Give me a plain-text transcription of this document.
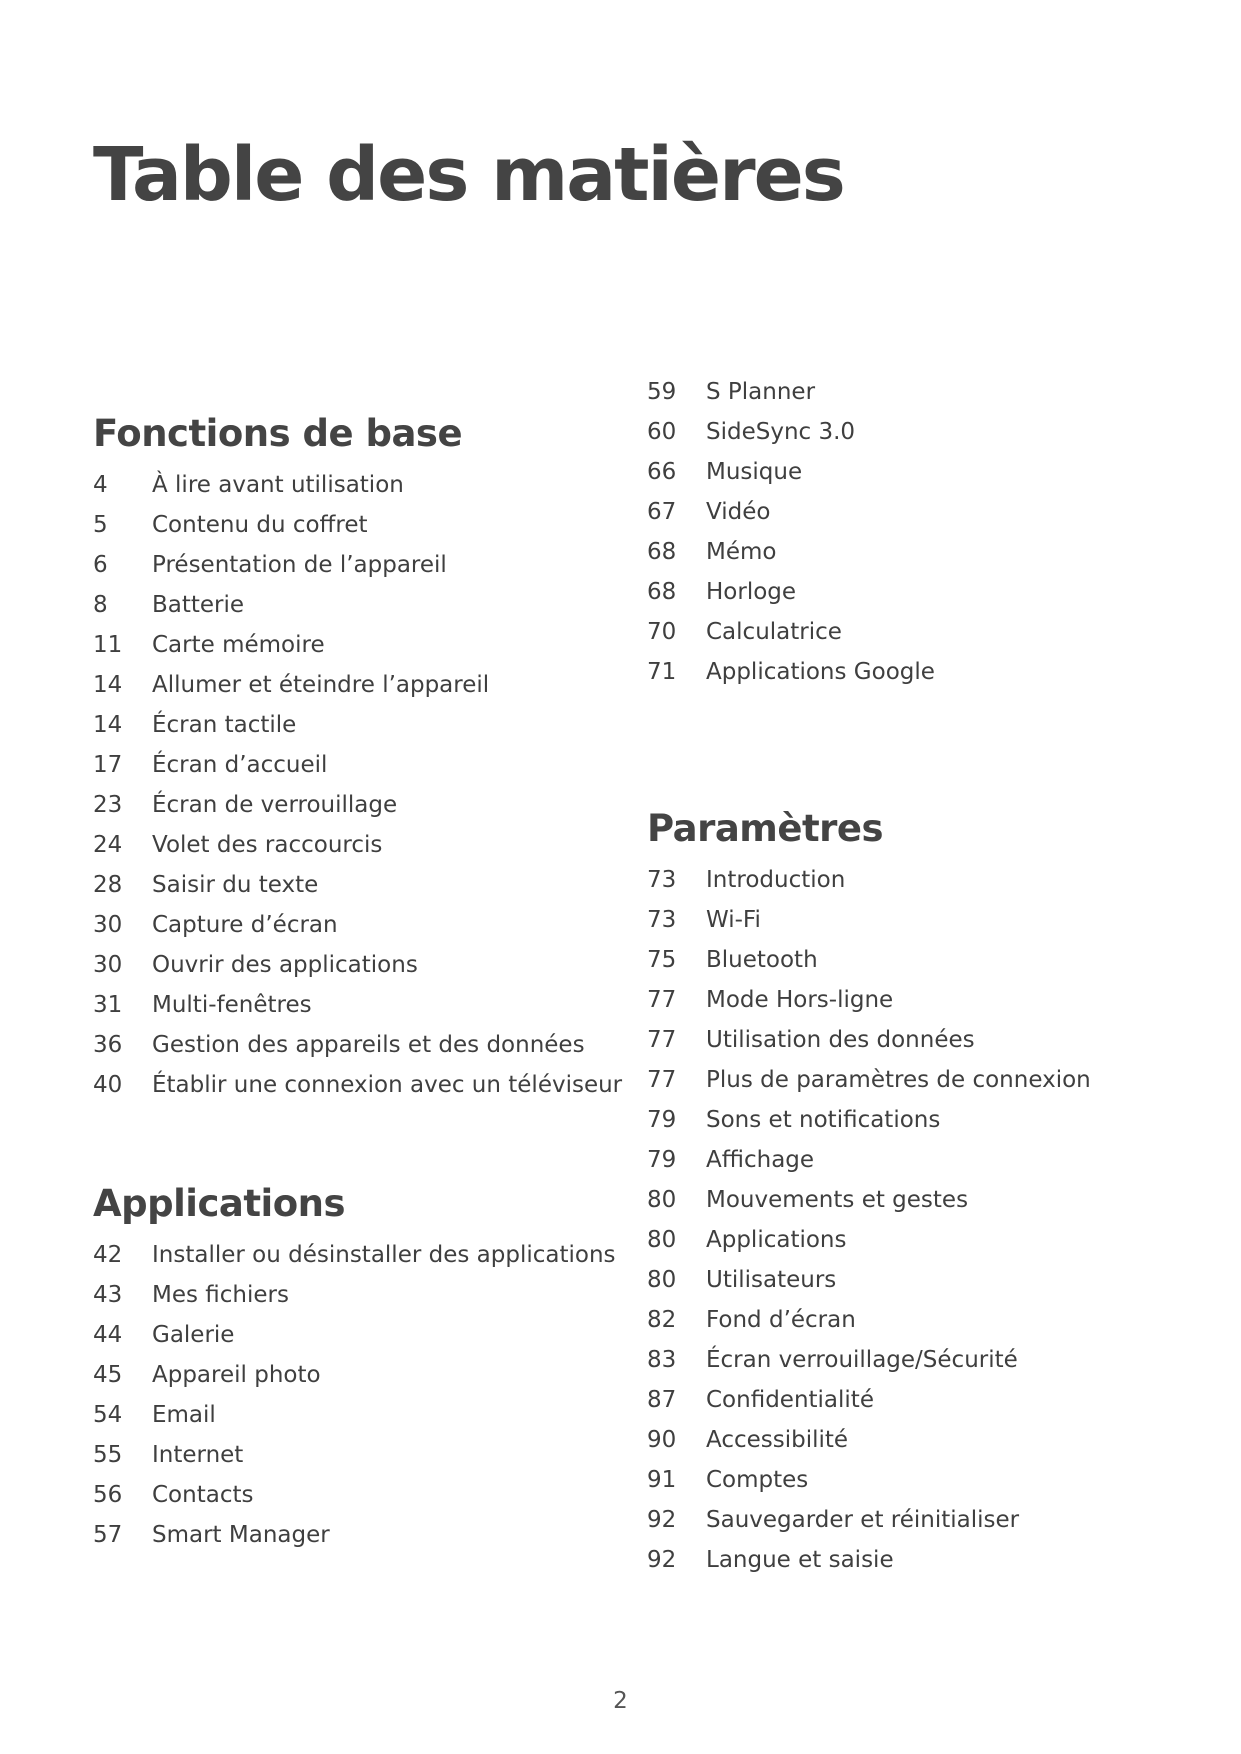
Table des matières
Fonctions de base
4	À lire avant utilisation
5	Contenu du coffret
6	Présentation de l’appareil
8	Batterie
11	Carte mémoire
14	Allumer et éteindre l’appareil
14	Écran tactile
17	Écran d’accueil
23	Écran de verrouillage
24	Volet des raccourcis
28	Saisir du texte
30	Capture d’écran
30	Ouvrir des applications
31	Multi-fenêtres
36	Gestion des appareils et des données
40	Établir une connexion avec un téléviseur
Applications
42	Installer ou désinstaller des applications
43	Mes fichiers
44	Galerie
45	Appareil photo
54	Email
55	Internet
56	Contacts
57	Smart Manager
59	S Planner
60	SideSync 3.0
66	Musique
67	Vidéo
68	Mémo
68	Horloge
70	Calculatrice
71	Applications Google
Paramètres
73	Introduction
73	Wi-Fi
75	Bluetooth
77	Mode Hors-ligne
77	Utilisation des données
77	Plus de paramètres de connexion
79	Sons et notifications
79	Affichage
80	Mouvements et gestes
80	Applications
80	Utilisateurs
82	Fond d’écran
83	Écran verrouillage/Sécurité
87	Confidentialité
90	Accessibilité
91	Comptes
92	Sauvegarder et réinitialiser
92	Langue et saisie
2
